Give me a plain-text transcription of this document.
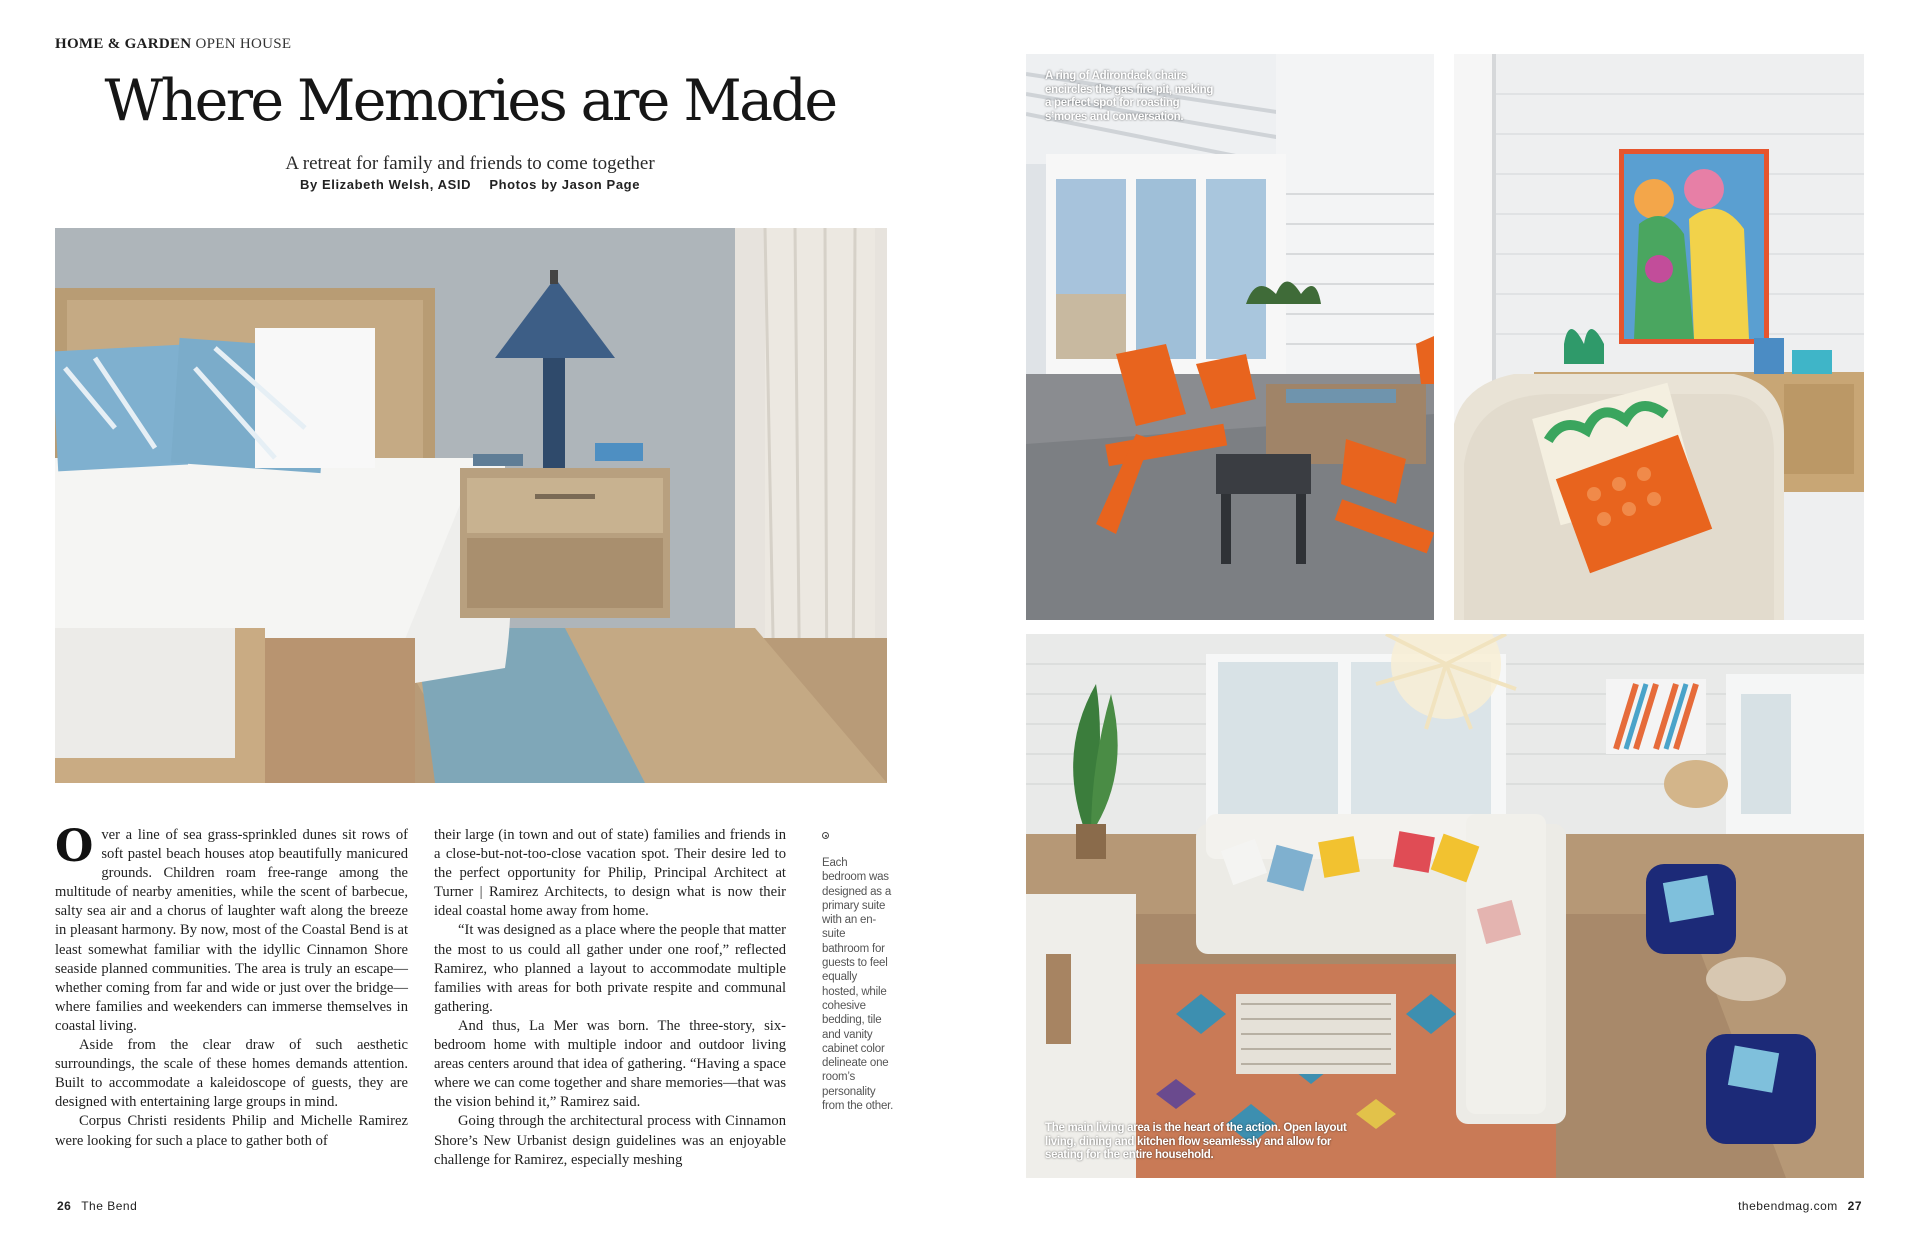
HOME & GARDEN OPEN HOUSE
Where Memories are Made
A retreat for family and friends to come together
By Elizabeth Welsh, ASID Photos by Jason Page

Over a line of sea grass-sprinkled dunes sit rows of soft pastel beach houses atop beautifully manicured grounds. Children roam free-range among the multitude of nearby amenities, while the scent of barbecue, salty sea air and a chorus of laughter waft along the breeze in pleasant harmony. By now, most of the Coastal Bend is at least somewhat familiar with the idyllic Cinnamon Shore seaside planned communities. The area is truly an escape—whether coming from far and wide or just over the bridge—where families and weekenders can immerse themselves in coastal living.

Aside from the clear draw of such aesthetic surroundings, the scale of these homes demands attention. Built to accommodate a kaleidoscope of guests, they are designed with entertaining large groups in mind.

Corpus Christi residents Philip and Michelle Ramirez were looking for such a place to gather both of

their large (in town and out of state) families and friends in a close-but-not-too-close vacation spot. Their desire led to the perfect opportunity for Philip, Principal Architect at Turner | Ramirez Architects, to design what is now their ideal coastal home away from home.

“It was designed as a place where the people that matter the most to us could all gather under one roof,” reflected Ramirez, who planned a layout to accommodate multiple families with areas for both private respite and communal gathering.

And thus, La Mer was born. The three-story, six-bedroom home with multiple indoor and outdoor living areas centers around that idea of gathering. “Having a space where we can come together and share memories—that was the vision behind it,” Ramirez said.

Going through the architectural process with Cinnamon Shore’s New Urbanist design guidelines was an enjoyable challenge for Ramirez, especially meshing

Each bedroom was designed as a primary suite with an en-suite bathroom for guests to feel equally hosted, while cohesive bedding, tile and vanity cabinet color delineate one room’s personality from the other.
26 The Bend
A ring of Adirondack chairs encircles the gas fire pit, making a perfect spot for roasting s’mores and conversation.
The main living area is the heart of the action. Open layout living, dining and kitchen flow seamlessly and allow for seating for the entire household.
thebendmag.com 27
